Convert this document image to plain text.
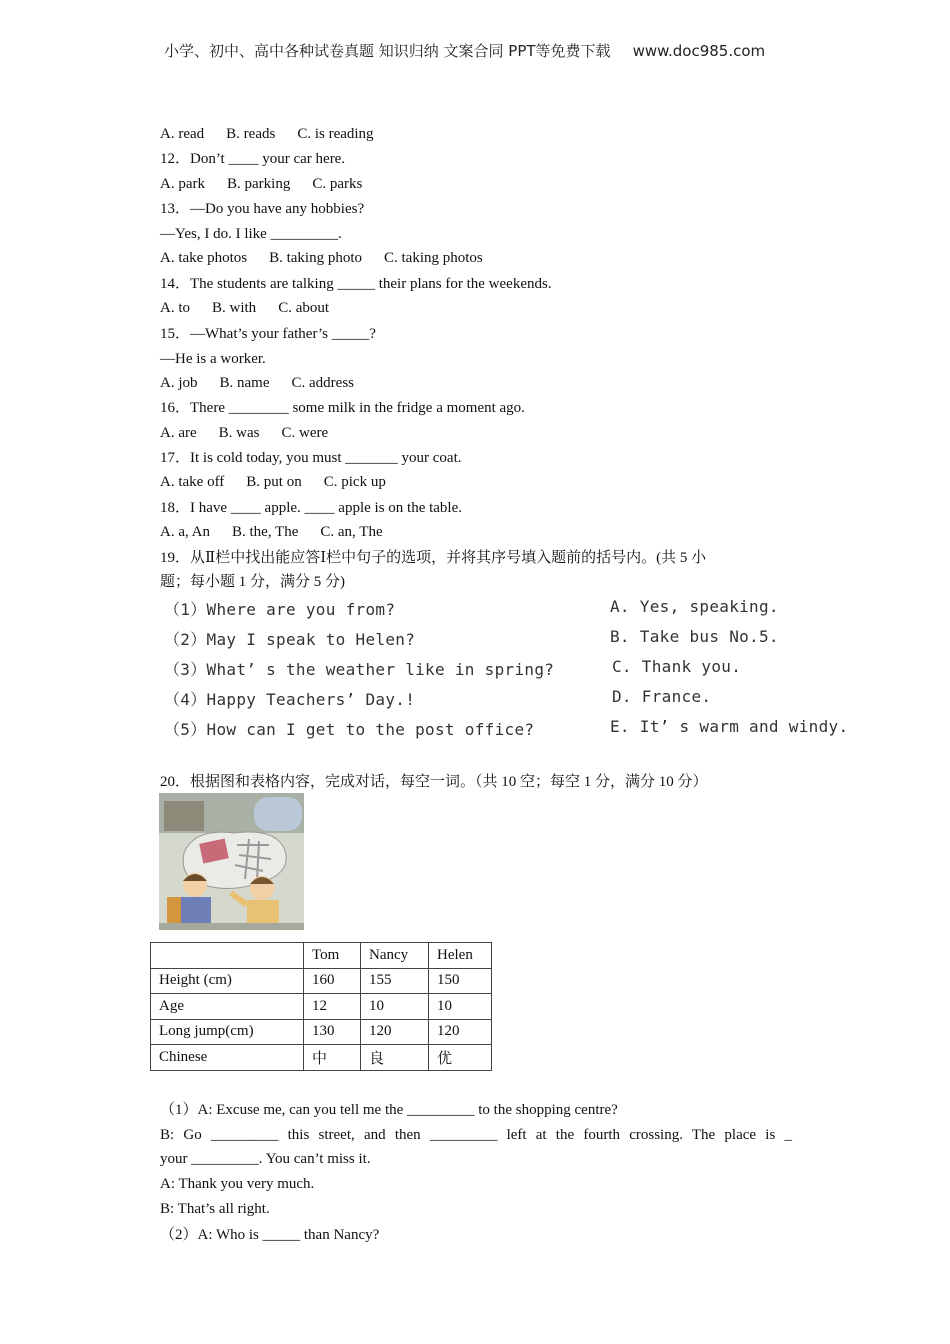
小学、初中、高中各种试卷真题 知识归纳 文案合同 PPT等免费下载 www.doc985.com
A. read B. reads C. is reading
12．Don’t ____ your car here.
A. park B. parking C. parks
13．—Do you have any hobbies?
—Yes, I do. I like _________.
A. take photos B. taking photo C. taking photos
14．The students are talking _____ their plans for the weekends.
A. to B. with C. about
15．—What’s your father’s _____?
—He is a worker.
A. job B. name C. address
16．There ________ some milk in the fridge a moment ago.
A. are B. was C. were
17．It is cold today, you must _______ your coat.
A. take off B. put on C. pick up
18．I have ____ apple. ____ apple is on the table.
A. a, An B. the, The C. an, The
19．从Ⅱ栏中找出能应答Ⅰ栏中句子的选项，并将其序号填入题前的括号内。(共 5 小
题；每小题 1 分，满分 5 分)
（1）Where are you from?
（2）May I speak to Helen?
（3）What’ s the weather like in spring?
（4）Happy Teachers’ Day.!
（5）How can I get to the post office?
A. Yes, speaking.
B. Take bus No.5.
C. Thank you.
D. France.
E. It’ s warm and windy.
20．根据图和表格内容，完成对话，每空一词。（共 10 空；每空 1 分，满分 10 分）
	Tom	Nancy	Helen
Height (cm)	160	155	150
Age	12	10	10
Long jump(cm)	130	120	120
Chinese	中	良	优
（1）A: Excuse me, can you tell me the _________ to the shopping centre?
B: Go _________ this street, and then _________ left at the fourth crossing. The place is _
your _________. You can’t miss it.
A: Thank you very much.
B: That’s all right.
（2）A: Who is _____ than Nancy?
